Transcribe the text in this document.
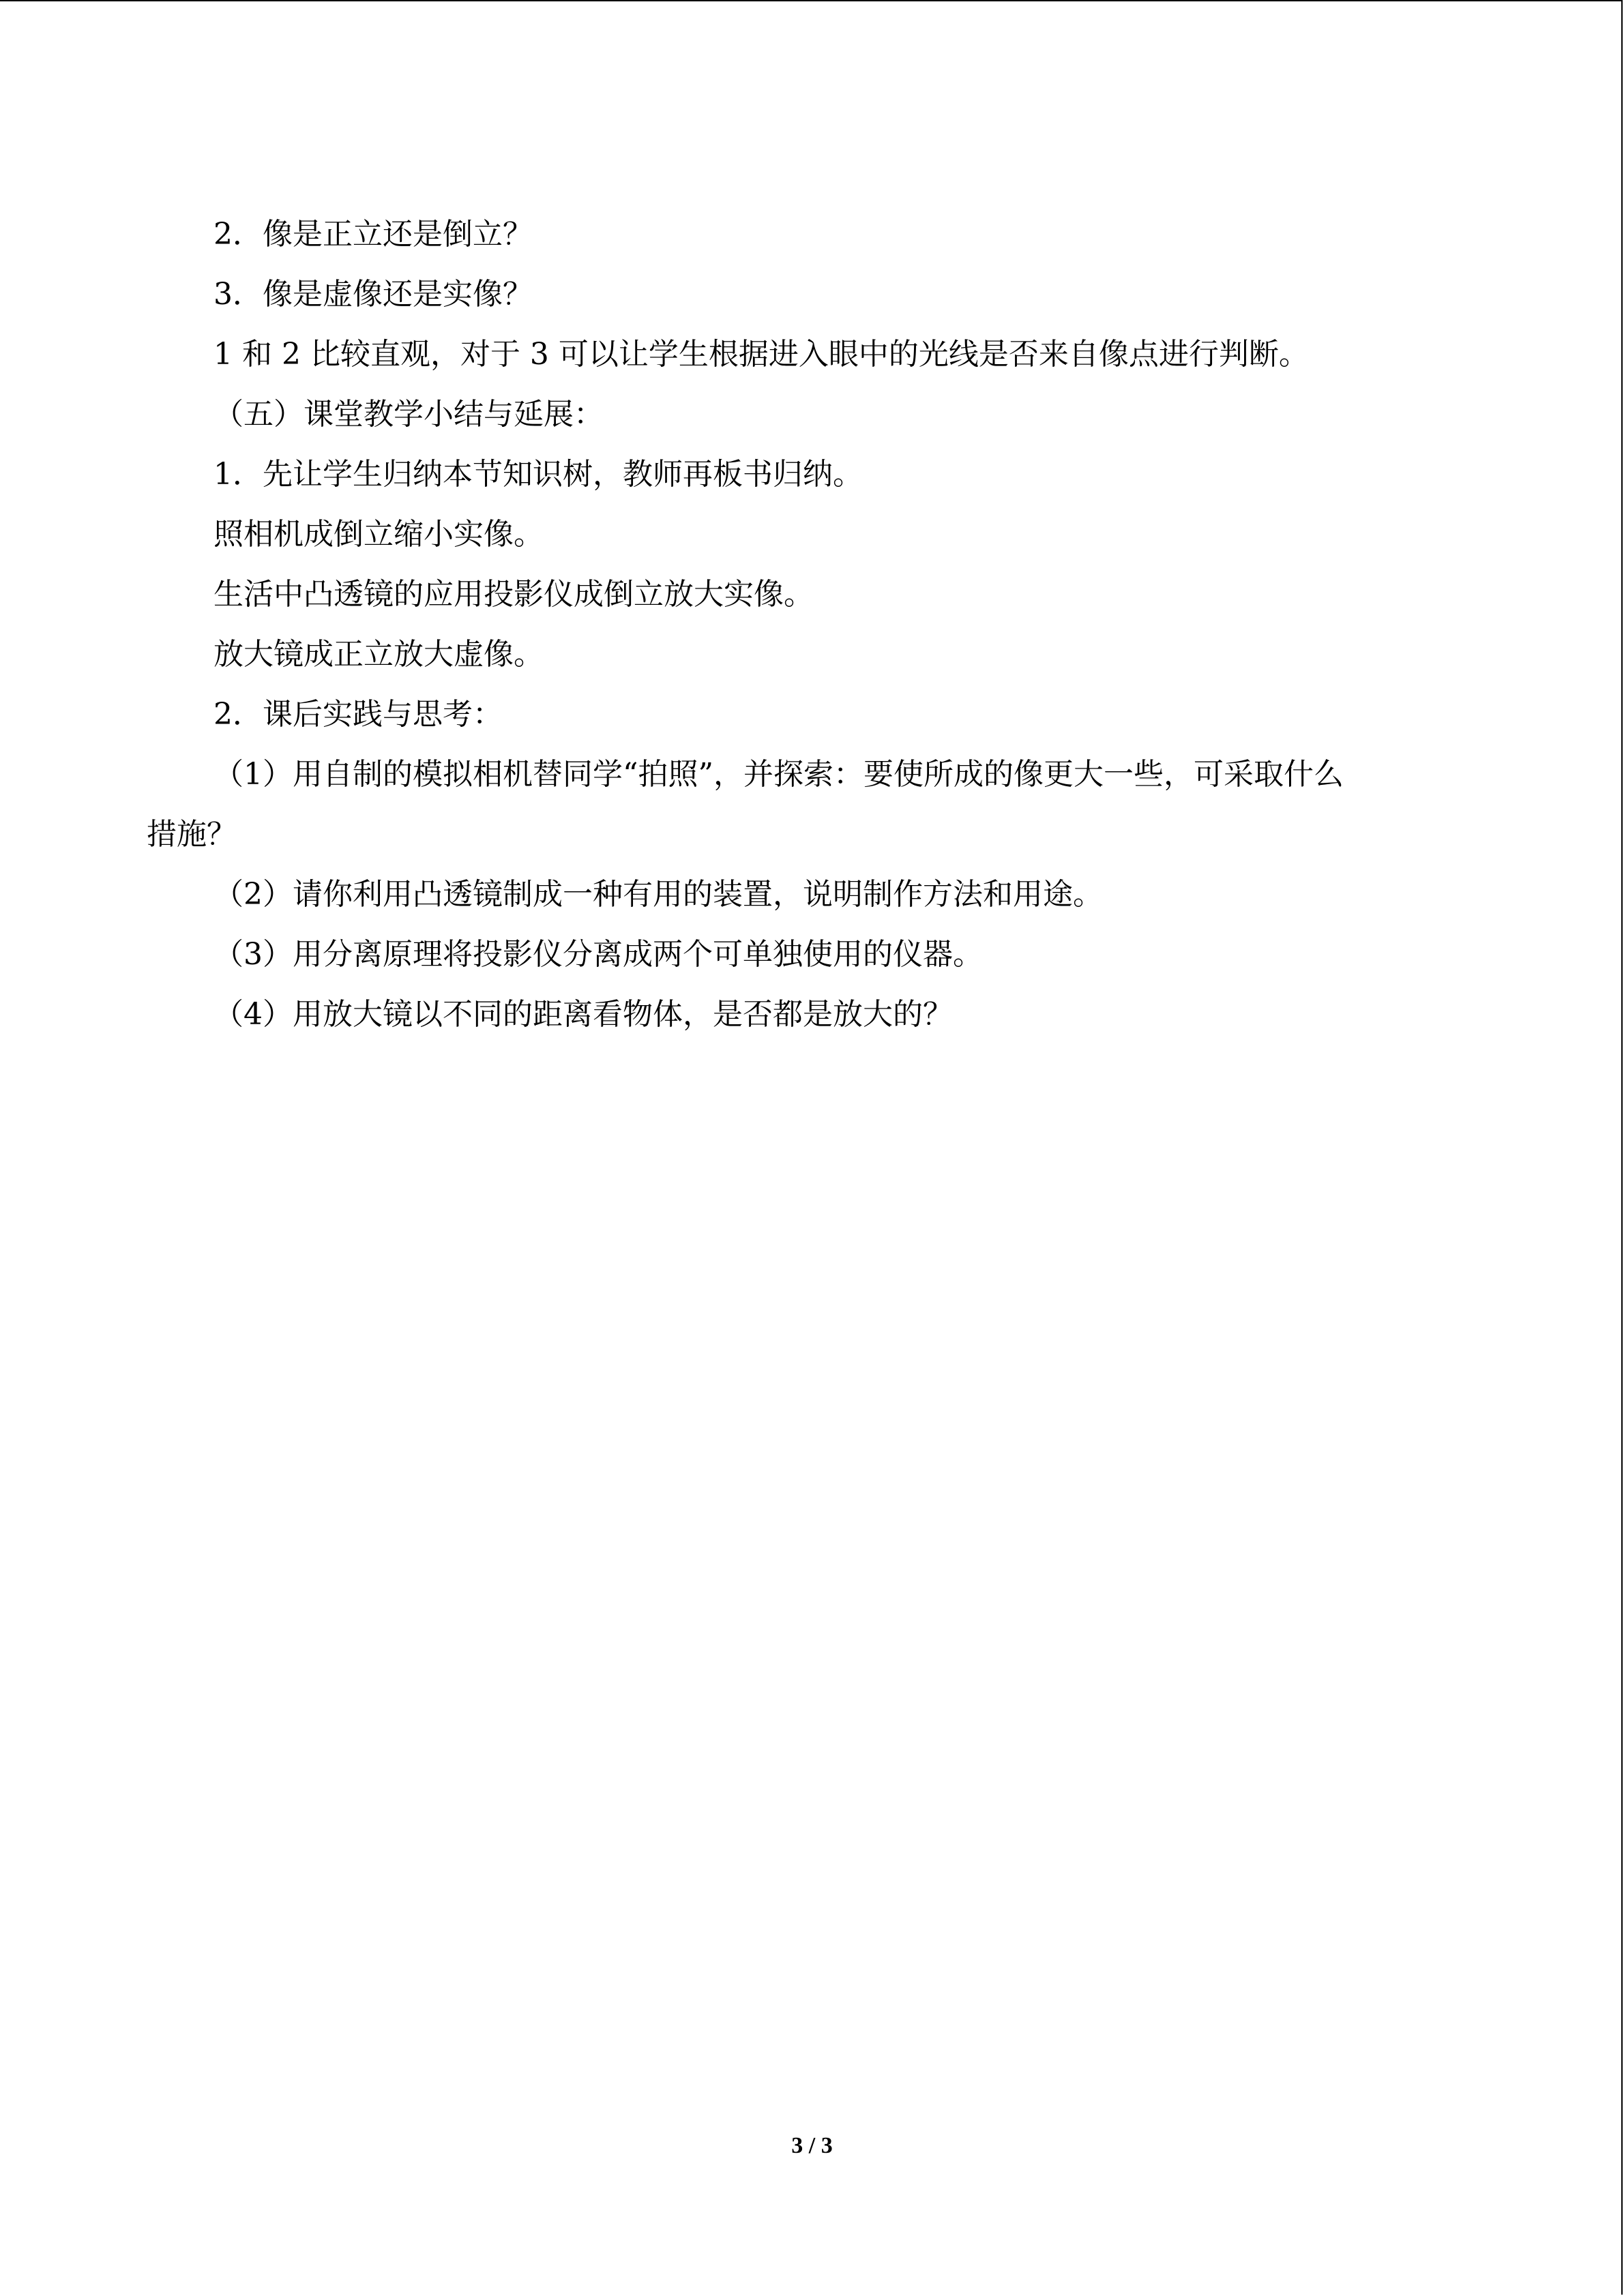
2．像是正立还是倒立？
3．像是虚像还是实像？
1 和 2 比较直观，对于 3 可以让学生根据进入眼中的光线是否来自像点进行判断。
（五）课堂教学小结与延展：
1．先让学生归纳本节知识树，教师再板书归纳。
照相机成倒立缩小实像。
生活中凸透镜的应用投影仪成倒立放大实像。
放大镜成正立放大虚像。
2．课后实践与思考：
（1）用自制的模拟相机替同学“拍照”，并探索：要使所成的像更大一些，可采取什么
措施？
（2）请你利用凸透镜制成一种有用的装置，说明制作方法和用途。
（3）用分离原理将投影仪分离成两个可单独使用的仪器。
（4）用放大镜以不同的距离看物体，是否都是放大的？
3 / 3
